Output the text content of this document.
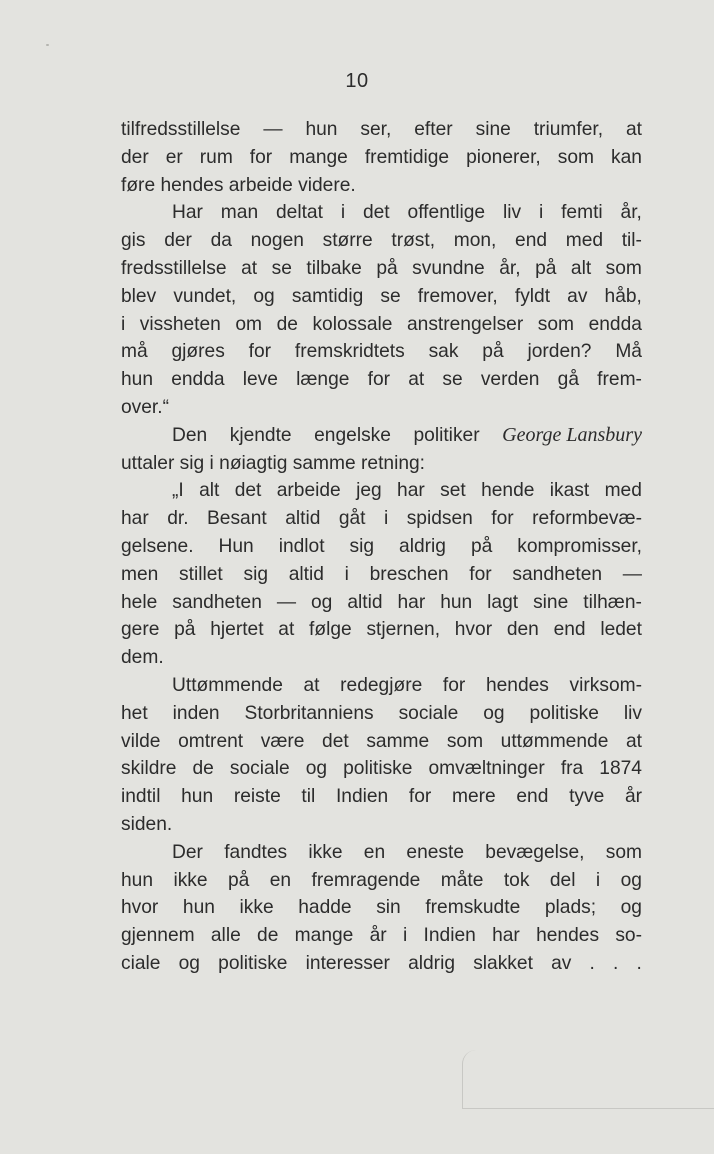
10
tilfredsstillelse — hun ser, efter sine triumfer, at
der er rum for mange fremtidige pionerer, som kan
føre hendes arbeide videre.
Har man deltat i det offentlige liv i femti år,
gis der da nogen større trøst, mon, end med til-
fredsstillelse at se tilbake på svundne år, på alt som
blev vundet, og samtidig se fremover, fyldt av håb,
i vissheten om de kolossale anstrengelser som endda
må gjøres for fremskridtets sak på jorden? Må
hun endda leve længe for at se verden gå frem-
over.“
Den kjendte engelske politiker George Lansbury
uttaler sig i nøiagtig samme retning:
„I alt det arbeide jeg har set hende ikast med
har dr. Besant altid gåt i spidsen for reformbevæ-
gelsene. Hun indlot sig aldrig på kompromisser,
men stillet sig altid i breschen for sandheten —
hele sandheten — og altid har hun lagt sine tilhæn-
gere på hjertet at følge stjernen, hvor den end ledet
dem.
Uttømmende at redegjøre for hendes virksom-
het inden Storbritanniens sociale og politiske liv
vilde omtrent være det samme som uttømmende at
skildre de sociale og politiske omvæltninger fra 1874
indtil hun reiste til Indien for mere end tyve år
siden.
Der fandtes ikke en eneste bevægelse, som
hun ikke på en fremragende måte tok del i og
hvor hun ikke hadde sin fremskudte plads; og
gjennem alle de mange år i Indien har hendes so-
ciale og politiske interesser aldrig slakket av . . .
